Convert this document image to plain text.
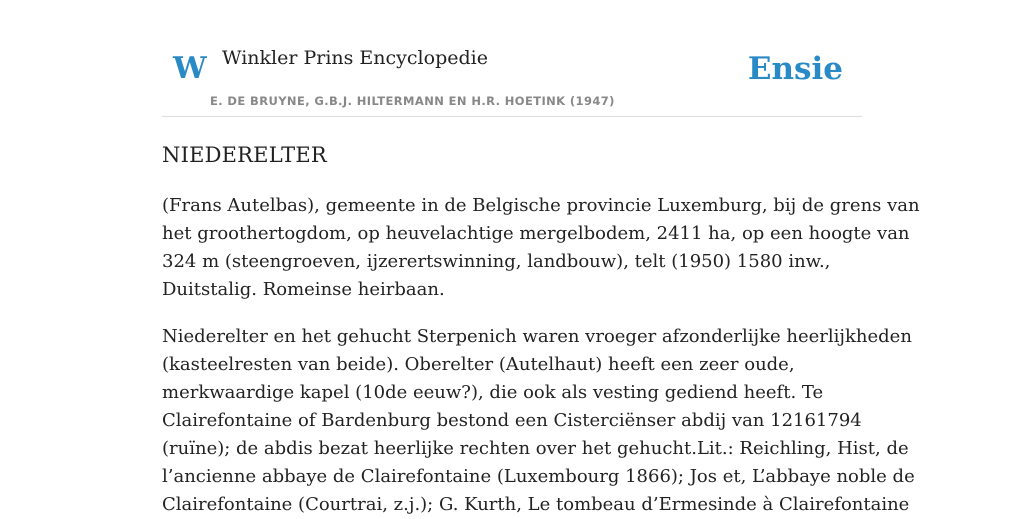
W Winkler Prins Encyclopedie
E. DE BRUYNE, G.B.J. HILTERMANN EN H.R. HOETINK (1947)
Ensie
NIEDERELTER

(Frans Autelbas), gemeente in de Belgische provincie Luxemburg, bij de grens van
het groothertogdom, op heuvelachtige mergelbodem, 2411 ha, op een hoogte van
324 m (steengroeven, ijzerertswinning, landbouw), telt (1950) 1580 inw.,
Duitstalig. Romeinse heirbaan.

Niederelter en het gehucht Sterpenich waren vroeger afzonderlijke heerlijkheden
(kasteelresten van beide). Oberelter (Autelhaut) heeft een zeer oude,
merkwaardige kapel (10de eeuw?), die ook als vesting gediend heeft. Te
Clairefontaine of Bardenburg bestond een Cisterciënser abdij van 12161794
(ruïne); de abdis bezat heerlijke rechten over het gehucht.Lit.: Reichling, Hist, de
l’ancienne abbaye de Clairefontaine (Luxembourg 1866); Jos et, L’abbaye noble de
Clairefontaine (Courtrai, z.j.); G. Kurth, Le tombeau d’Ermesinde à Clairefontaine
